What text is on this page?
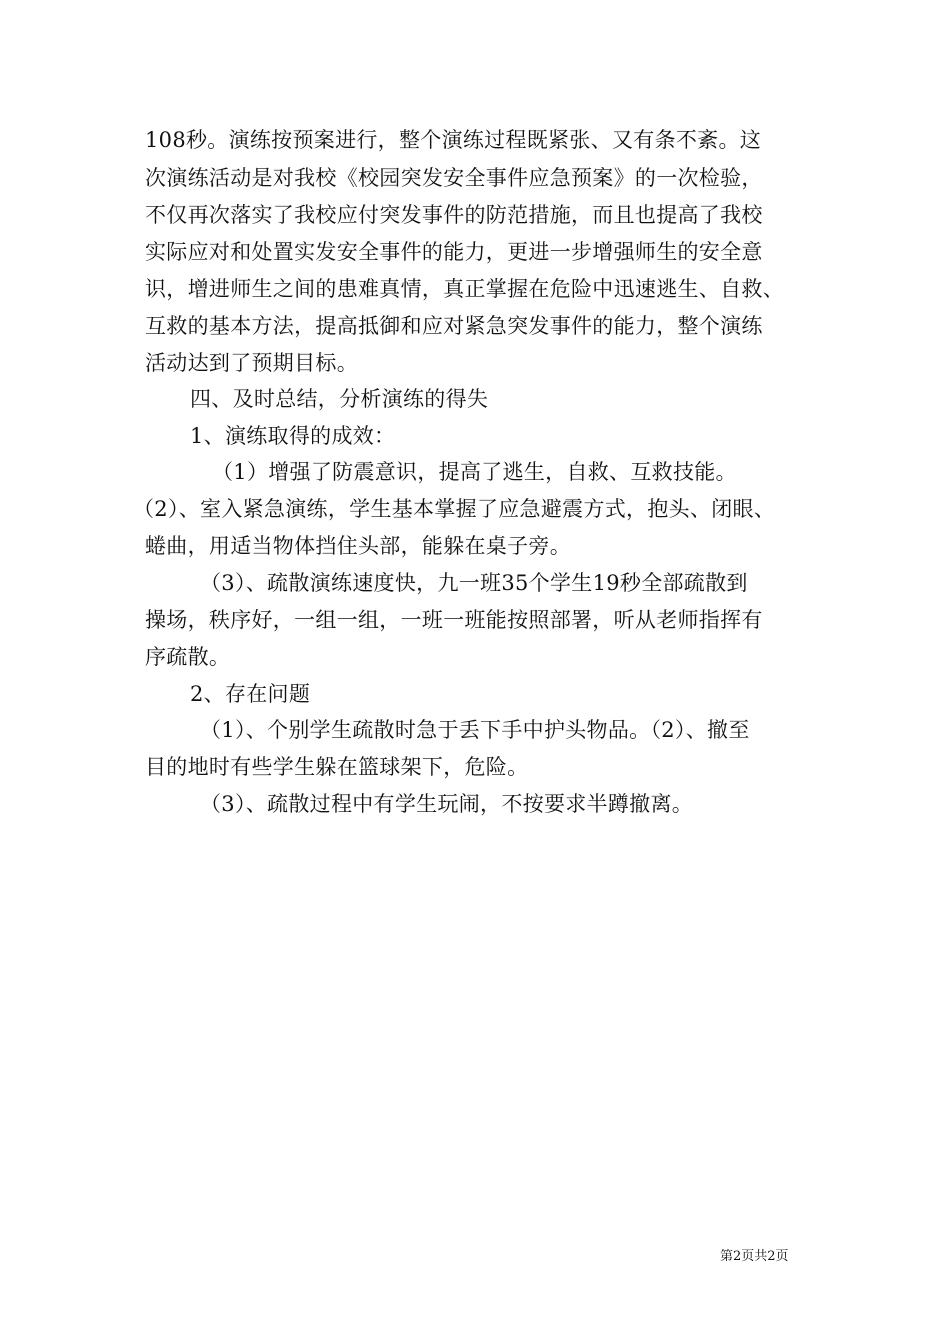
108秒。演练按预案进行，整个演练过程既紧张、又有条不紊。这
次演练活动是对我校《校园突发安全事件应急预案》的一次检验，
不仅再次落实了我校应付突发事件的防范措施，而且也提高了我校
实际应对和处置实发安全事件的能力，更进一步增强师生的安全意
识，增进师生之间的患难真情，真正掌握在危险中迅速逃生、自救、
互救的基本方法，提高抵御和应对紧急突发事件的能力，整个演练
活动达到了预期目标。
四、及时总结，分析演练的得失
1、演练取得的成效：
（1）增强了防震意识，提高了逃生，自救、互救技能。
（2）、室入紧急演练，学生基本掌握了应急避震方式，抱头、闭眼、
蜷曲，用适当物体挡住头部，能躲在桌子旁。
（3）、疏散演练速度快，九一班35个学生19秒全部疏散到
操场，秩序好，一组一组，一班一班能按照部署，听从老师指挥有
序疏散。
2、存在问题
（1）、个别学生疏散时急于丢下手中护头物品。（2）、撤至
目的地时有些学生躲在篮球架下，危险。
（3）、疏散过程中有学生玩闹，不按要求半蹲撤离。
第2页共2页
